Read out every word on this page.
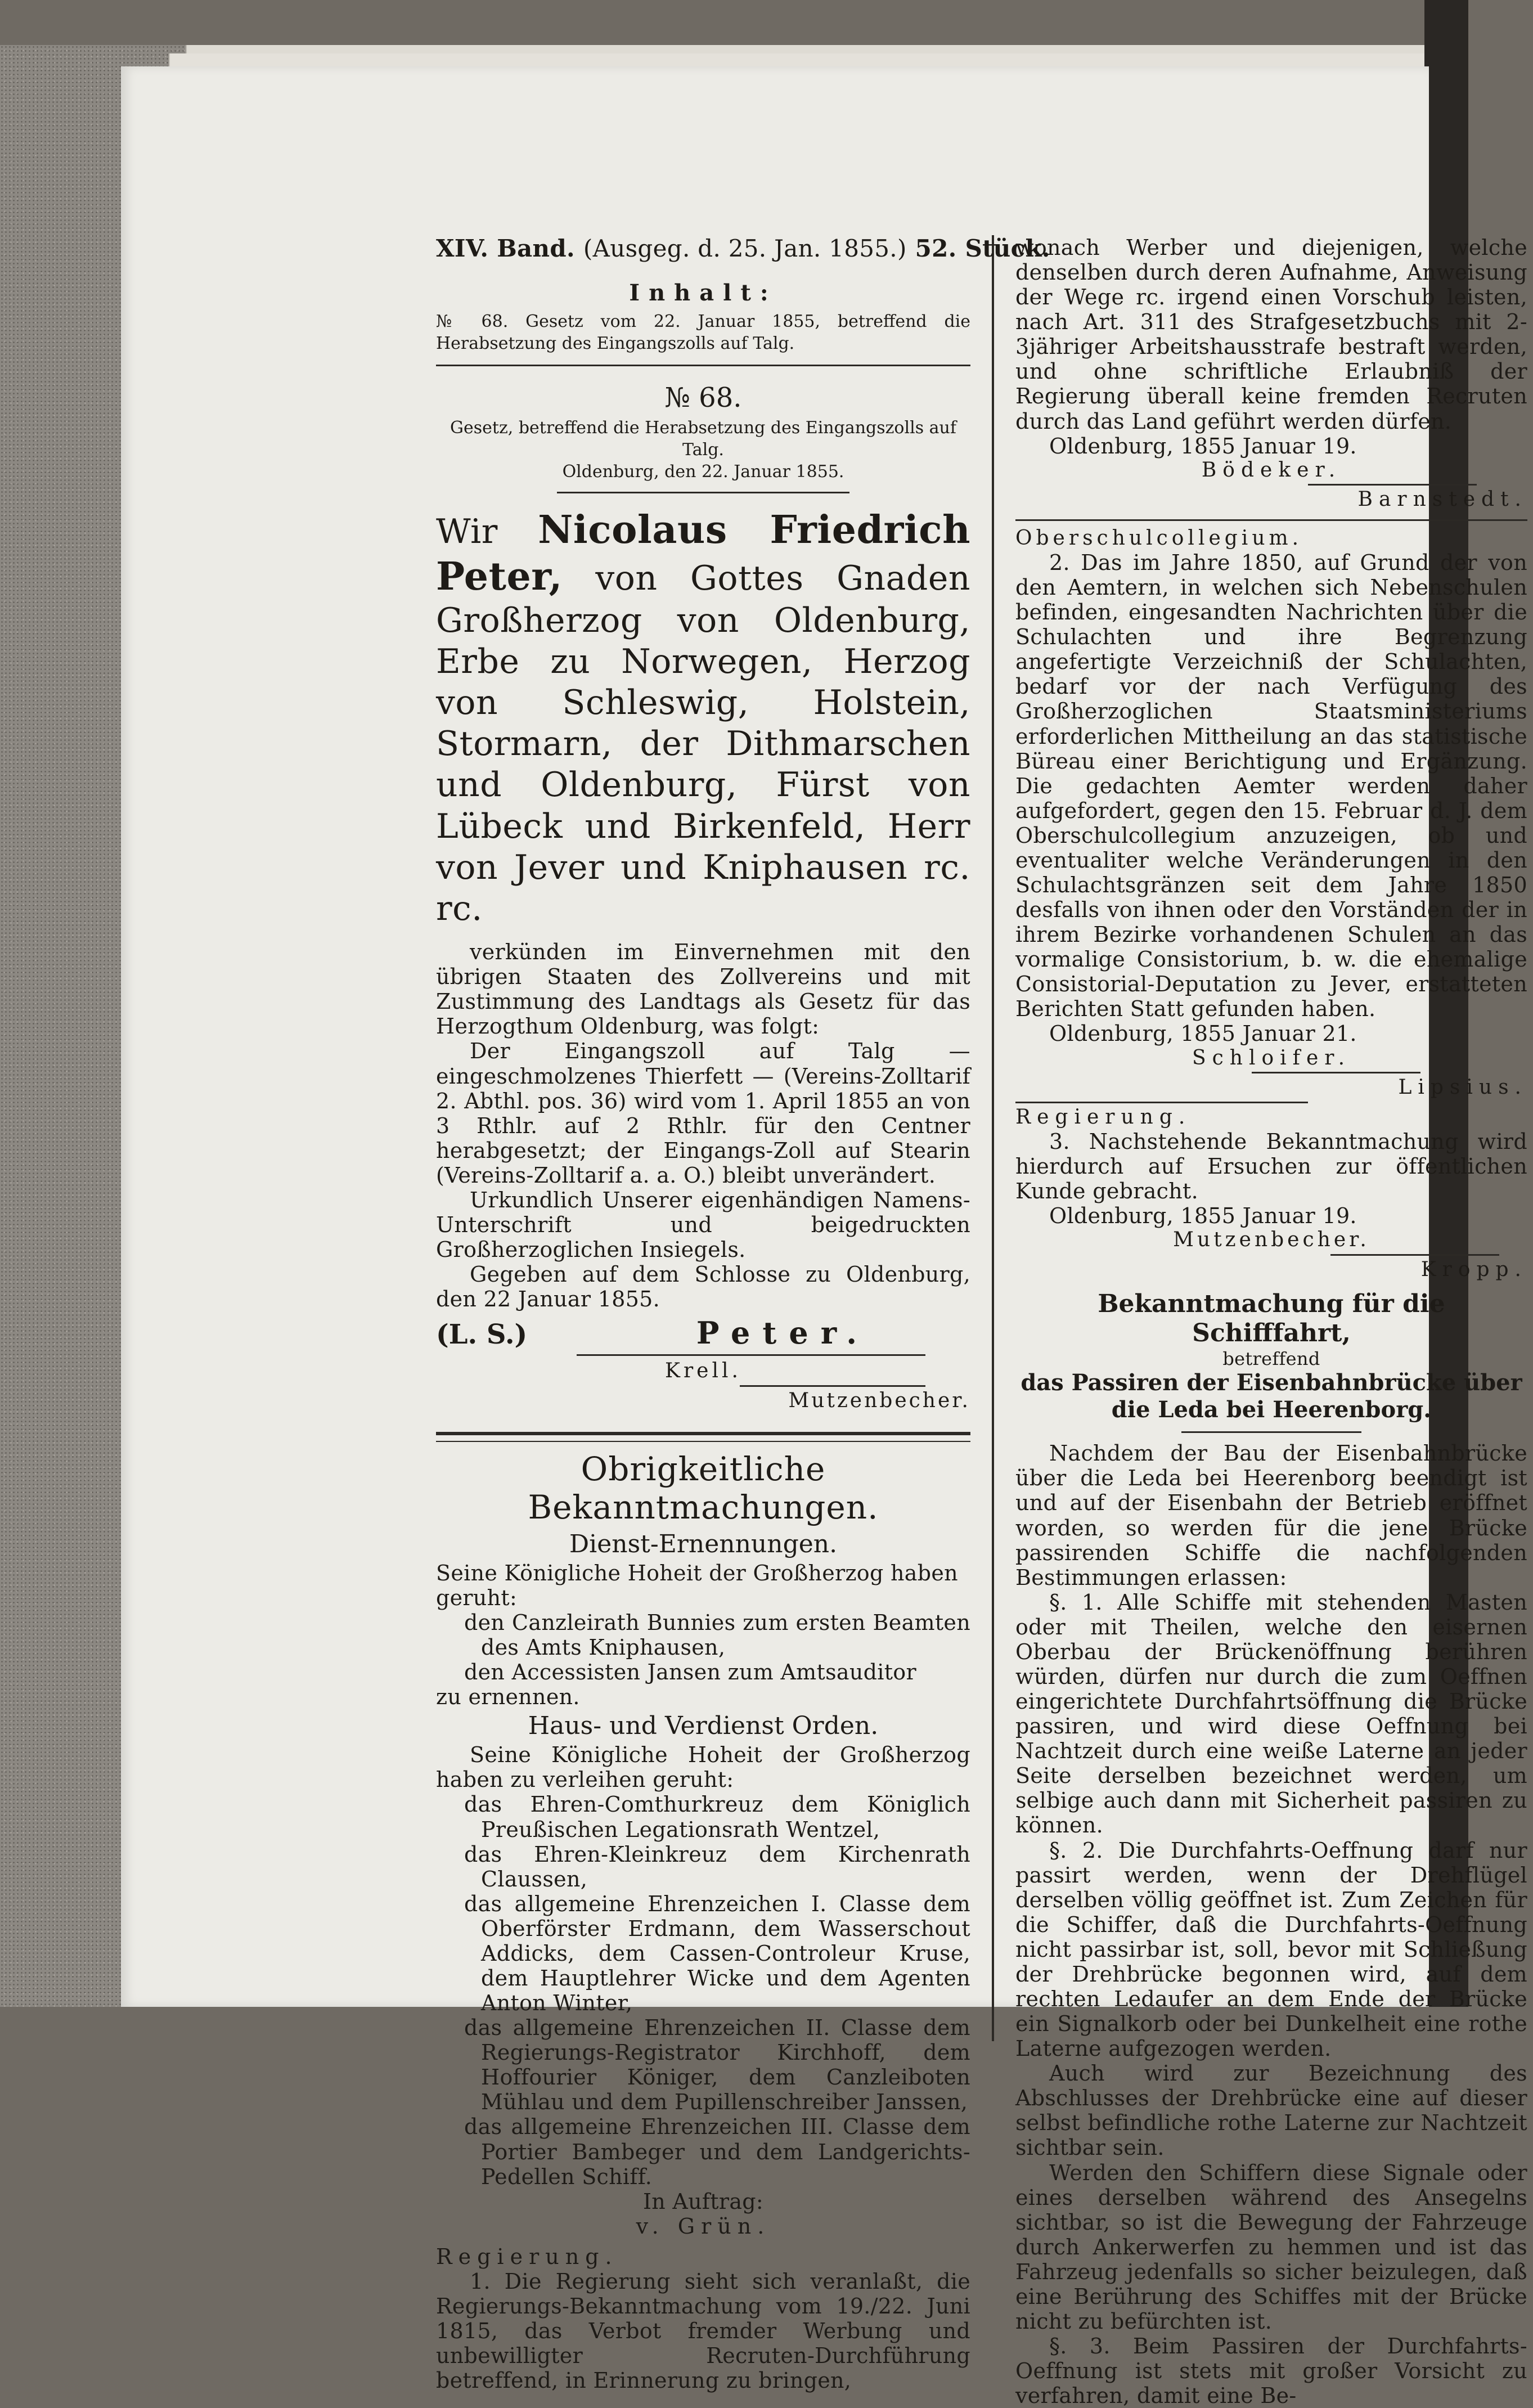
XIV. Band. (Ausgeg. d. 25. Jan. 1855.) 52. Stück.
Inhalt:
№ 68. Gesetz vom 22. Januar 1855, betreffend die Herabsetzung des Eingangszolls auf Talg.
№ 68.
Gesetz, betreffend die Herabsetzung des Eingangszolls auf Talg.
Oldenburg, den 22. Januar 1855.
Wir Nicolaus Friedrich Peter, von Gottes Gnaden Großherzog von Oldenburg, Erbe zu Norwegen, Herzog von Schleswig, Holstein, Stormarn, der Dithmarschen und Oldenburg, Fürst von Lübeck und Birkenfeld, Herr von Jever und Kniphausen rc. rc.

verkünden im Einvernehmen mit den übrigen Staaten des Zollvereins und mit Zustimmung des Landtags als Gesetz für das Herzogthum Oldenburg, was folgt:

Der Eingangszoll auf Talg — eingeschmolzenes Thierfett — (Vereins-Zolltarif 2. Abthl. pos. 36) wird vom 1. April 1855 an von 3 Rthlr. auf 2 Rthlr. für den Centner herabgesetzt; der Eingangs-Zoll auf Stearin (Vereins-Zolltarif a. a. O.) bleibt unverändert.

Urkundlich Unserer eigenhändigen Namens-Unterschrift und beigedruckten Großherzoglichen Insiegels.

Gegeben auf dem Schlosse zu Oldenburg, den 22 Januar 1855.

(L. S.)	Peter.
Krell.
Mutzenbecher.
Obrigkeitliche Bekanntmachungen.
Dienst-Ernennungen.

Seine Königliche Hoheit der Großherzog haben geruht:

den Canzleirath Bunnies zum ersten Beamten des Amts Kniphausen,

den Accessisten Jansen zum Amtsauditor

zu ernennen.

Haus- und Verdienst Orden.

Seine Königliche Hoheit der Großherzog haben zu verleihen geruht:

das Ehren-Comthurkreuz dem Königlich Preußischen Legationsrath Wentzel,

das Ehren-Kleinkreuz dem Kirchenrath Claussen,

das allgemeine Ehrenzeichen I. Classe dem Oberförster Erdmann, dem Wasserschout Addicks, dem Cassen-Controleur Kruse, dem Hauptlehrer Wicke und dem Agenten Anton Winter,

das allgemeine Ehrenzeichen II. Classe dem Regierungs-Registrator Kirchhoff, dem Hoffourier Königer, dem Canzleiboten Mühlau und dem Pupillenschreiber Janssen,

das allgemeine Ehrenzeichen III. Classe dem Portier Bambeger und dem Landgerichts-Pedellen Schiff.

In Auftrag:
v. Grün.
Regierung.

1. Die Regierung sieht sich veranlaßt, die Regierungs-Bekanntmachung vom 19./22. Juni 1815, das Verbot fremder Werbung und unbewilligter Recruten-Durchführung betreffend, in Erinnerung zu bringen,

wonach Werber und diejenigen, welche denselben durch deren Aufnahme, Anweisung der Wege rc. irgend einen Vorschub leisten, nach Art. 311 des Strafgesetzbuchs mit 2-3jähriger Arbeitshausstrafe bestraft werden, und ohne schriftliche Erlaubniß der Regierung überall keine fremden Recruten durch das Land geführt werden dürfen.

Oldenburg, 1855 Januar 19.

Bödeker.
Barnstedt.
Oberschulcollegium.

2. Das im Jahre 1850, auf Grund der von den Aemtern, in welchen sich Nebenschulen befinden, eingesandten Nachrichten über die Schulachten und ihre Begrenzung angefertigte Verzeichniß der Schulachten, bedarf vor der nach Verfügung des Großherzoglichen Staatsministeriums erforderlichen Mittheilung an das statistische Büreau einer Berichtigung und Ergänzung. Die gedachten Aemter werden daher aufgefordert, gegen den 15. Februar d. J. dem Oberschulcollegium anzuzeigen, ob und eventualiter welche Veränderungen in den Schulachtsgränzen seit dem Jahre 1850 desfalls von ihnen oder den Vorständen der in ihrem Bezirke vorhandenen Schulen an das vormalige Consistorium, b. w. die ehemalige Consistorial-Deputation zu Jever, erstatteten Berichten Statt gefunden haben.

Oldenburg, 1855 Januar 21.

Schloifer.
Lipsius.
Regierung.

3. Nachstehende Bekanntmachung wird hierdurch auf Ersuchen zur öffentlichen Kunde gebracht.

Oldenburg, 1855 Januar 19.

Mutzenbecher.
Kropp.
Bekanntmachung für die Schifffahrt,
betreffend
das Passiren der Eisenbahnbrücke über die Leda bei Heerenborg.

Nachdem der Bau der Eisenbahnbrücke über die Leda bei Heerenborg beendigt ist und auf der Eisenbahn der Betrieb eröffnet worden, so werden für die jene Brücke passirenden Schiffe die nachfolgenden Bestimmungen erlassen:

§. 1. Alle Schiffe mit stehenden Masten oder mit Theilen, welche den eisernen Oberbau der Brückenöffnung berühren würden, dürfen nur durch die zum Oeffnen eingerichtete Durchfahrtsöffnung die Brücke passiren, und wird diese Oeffnung bei Nachtzeit durch eine weiße Laterne an jeder Seite derselben bezeichnet werden, um selbige auch dann mit Sicherheit passiren zu können.

§. 2. Die Durchfahrts-Oeffnung darf nur passirt werden, wenn der Drehflügel derselben völlig geöffnet ist. Zum Zeichen für die Schiffer, daß die Durchfahrts-Oeffnung nicht passirbar ist, soll, bevor mit Schließung der Drehbrücke begonnen wird, auf dem rechten Ledaufer an dem Ende der Brücke ein Signalkorb oder bei Dunkelheit eine rothe Laterne aufgezogen werden.

Auch wird zur Bezeichnung des Abschlusses der Drehbrücke eine auf dieser selbst befindliche rothe Laterne zur Nachtzeit sichtbar sein.

Werden den Schiffern diese Signale oder eines derselben während des Ansegelns sichtbar, so ist die Bewegung der Fahrzeuge durch Ankerwerfen zu hemmen und ist das Fahrzeug jedenfalls so sicher beizulegen, daß eine Berührung des Schiffes mit der Brücke nicht zu befürchten ist.

§. 3. Beim Passiren der Durchfahrts-Oeffnung ist stets mit großer Vorsicht zu verfahren, damit eine Be-
